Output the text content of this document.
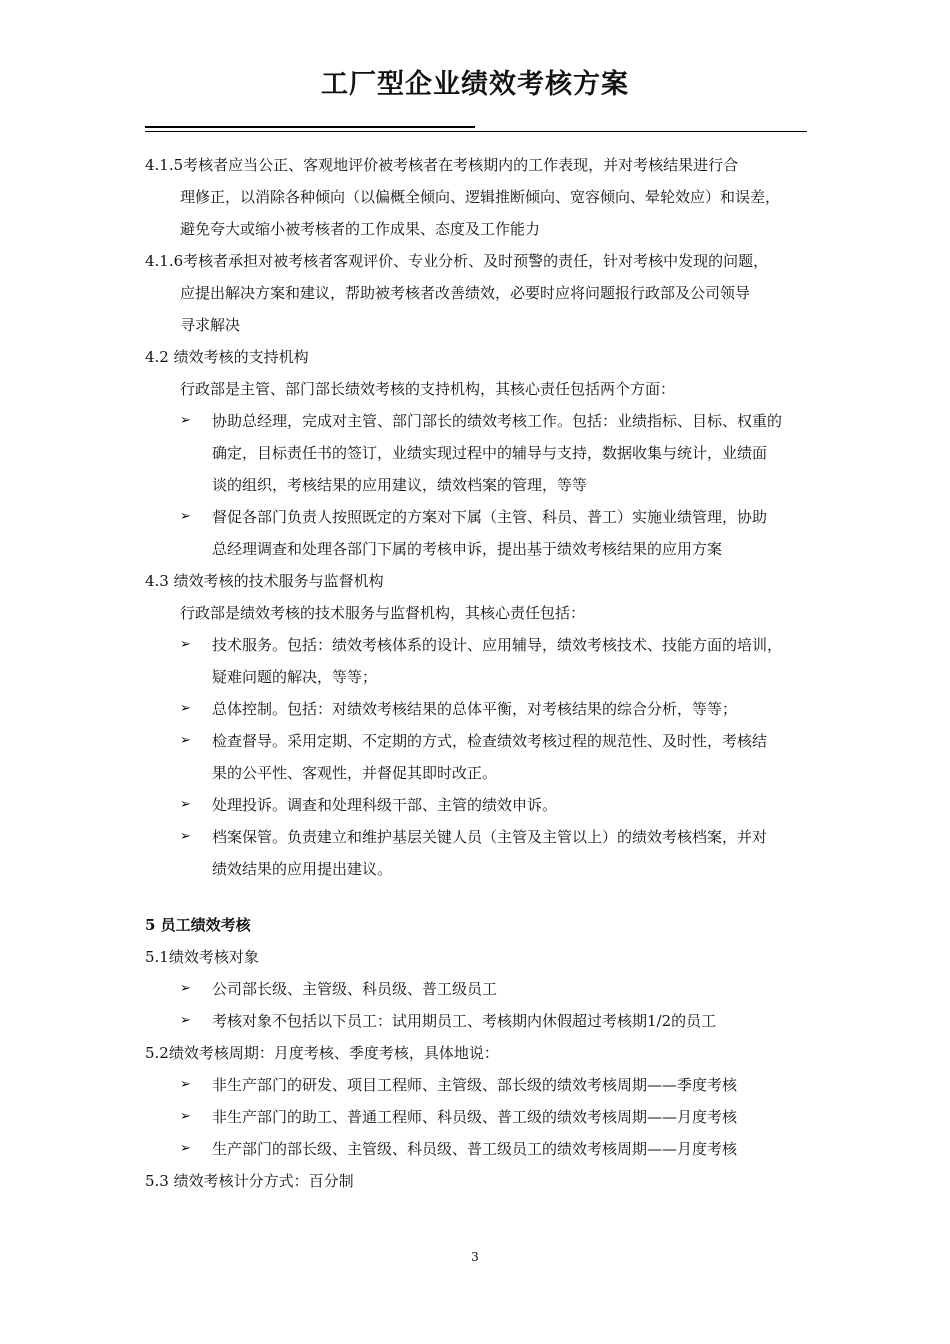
工厂型企业绩效考核方案
4.1.5考核者应当公正、客观地评价被考核者在考核期内的工作表现，并对考核结果进行合
理修正，以消除各种倾向（以偏概全倾向、逻辑推断倾向、宽容倾向、晕轮效应）和误差，
避免夸大或缩小被考核者的工作成果、态度及工作能力
4.1.6考核者承担对被考核者客观评价、专业分析、及时预警的责任，针对考核中发现的问题，
应提出解决方案和建议，帮助被考核者改善绩效，必要时应将问题报行政部及公司领导
寻求解决
4.2 绩效考核的支持机构
行政部是主管、部门部长绩效考核的支持机构，其核心责任包括两个方面：
➢ 协助总经理，完成对主管、部门部长的绩效考核工作。包括：业绩指标、目标、权重的
确定，目标责任书的签订，业绩实现过程中的辅导与支持，数据收集与统计，业绩面
谈的组织，考核结果的应用建议，绩效档案的管理，等等
➢ 督促各部门负责人按照既定的方案对下属（主管、科员、普工）实施业绩管理，协助
总经理调查和处理各部门下属的考核申诉，提出基于绩效考核结果的应用方案
4.3 绩效考核的技术服务与监督机构
行政部是绩效考核的技术服务与监督机构，其核心责任包括：
➢ 技术服务。包括：绩效考核体系的设计、应用辅导，绩效考核技术、技能方面的培训，
疑难问题的解决，等等；
➢ 总体控制。包括：对绩效考核结果的总体平衡，对考核结果的综合分析，等等；
➢ 检查督导。采用定期、不定期的方式，检查绩效考核过程的规范性、及时性，考核结
果的公平性、客观性，并督促其即时改正。
➢ 处理投诉。调查和处理科级干部、主管的绩效申诉。
➢ 档案保管。负责建立和维护基层关键人员（主管及主管以上）的绩效考核档案，并对
绩效结果的应用提出建议。
5 员工绩效考核
5.1绩效考核对象
➢ 公司部长级、主管级、科员级、普工级员工
➢ 考核对象不包括以下员工：试用期员工、考核期内休假超过考核期1/2的员工
5.2绩效考核周期：月度考核、季度考核，具体地说：
➢ 非生产部门的研发、项目工程师、主管级、部长级的绩效考核周期——季度考核
➢ 非生产部门的助工、普通工程师、科员级、普工级的绩效考核周期——月度考核
➢ 生产部门的部长级、主管级、科员级、普工级员工的绩效考核周期——月度考核
5.3 绩效考核计分方式：百分制
3
